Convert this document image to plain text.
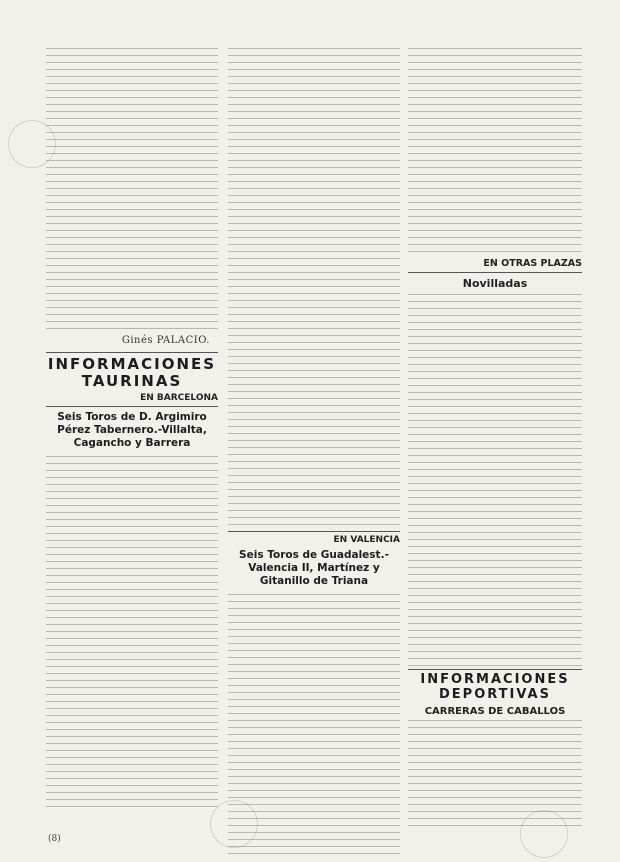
Ginés PALACIO.
INFORMACIONES
TAURINAS
EN BARCELONA
Seis Toros de D. Argimiro Pérez Tabernero.-Villalta, Cagancho y Barrera
EN VALENCIA
Seis Toros de Guadalest.-Valencia II, Martínez y Gitanillo de Triana
EN OTRAS PLAZAS
Novilladas
INFORMACIONES
DEPORTIVAS
CARRERAS DE CABALLOS
(8)
